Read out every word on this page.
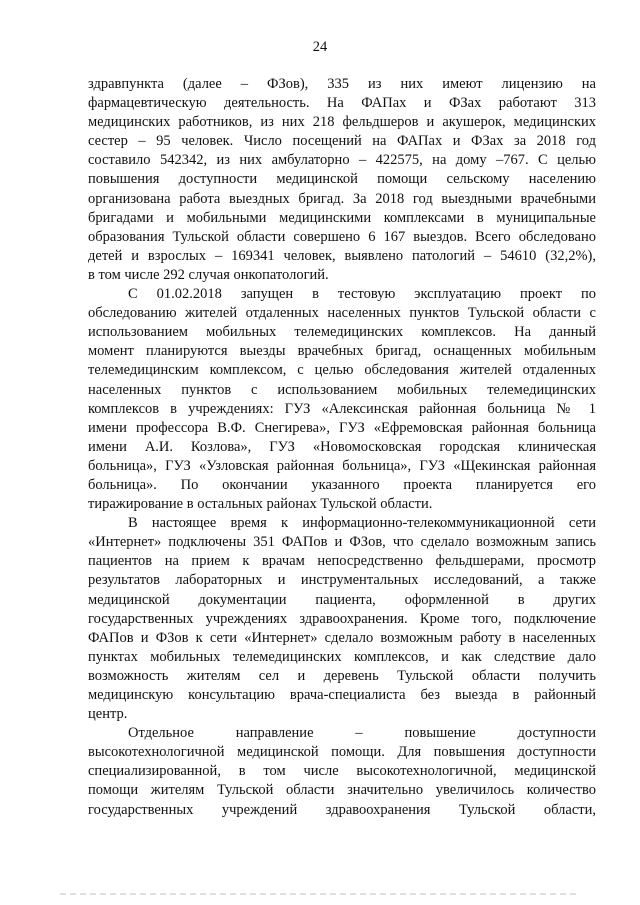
24

здравпункта (далее – ФЗов), 335 из них имеют лицензию на
фармацевтическую деятельность. На ФАПах и ФЗах работают 313
медицинских работников, из них 218 фельдшеров и акушерок, медицинских
сестер – 95 человек. Число посещений на ФАПах и ФЗах за 2018 год
составило 542342, из них амбулаторно – 422575, на дому –767. С целью
повышения доступности медицинской помощи сельскому населению
организована работа выездных бригад. За 2018 год выездными врачебными
бригадами и мобильными медицинскими комплексами в муниципальные
образования Тульской области совершено 6 167 выездов. Всего обследовано
детей и взрослых – 169341 человек, выявлено патологий – 54610 (32,2%),
в том числе 292 случая онкопатологий.

С 01.02.2018 запущен в тестовую эксплуатацию проект по
обследованию жителей отдаленных населенных пунктов Тульской области с
использованием мобильных телемедицинских комплексов. На данный
момент планируются выезды врачебных бригад, оснащенных мобильным
телемедицинским комплексом, с целью обследования жителей отдаленных
населенных пунктов с использованием мобильных телемедицинских
комплексов в учреждениях: ГУЗ «Алексинская районная больница № 1
имени профессора В.Ф. Снегирева», ГУЗ «Ефремовская районная больница
имени А.И. Козлова», ГУЗ «Новомосковская городская клиническая
больница», ГУЗ «Узловская районная больница», ГУЗ «Щекинская районная
больница». По окончании указанного проекта планируется его
тиражирование в остальных районах Тульской области.

В настоящее время к информационно-телекоммуникационной сети
«Интернет» подключены 351 ФАПов и ФЗов, что сделало возможным запись
пациентов на прием к врачам непосредственно фельдшерами, просмотр
результатов лабораторных и инструментальных исследований, а также
медицинской документации пациента, оформленной в других
государственных учреждениях здравоохранения. Кроме того, подключение
ФАПов и ФЗов к сети «Интернет» сделало возможным работу в населенных
пунктах мобильных телемедицинских комплексов, и как следствие дало
возможность жителям сел и деревень Тульской области получить
медицинскую консультацию врача-специалиста без выезда в районный
центр.

Отдельное направление – повышение доступности
высокотехнологичной медицинской помощи. Для повышения доступности
специализированной, в том числе высокотехнологичной, медицинской
помощи жителям Тульской области значительно увеличилось количество
государственных учреждений здравоохранения Тульской области,
